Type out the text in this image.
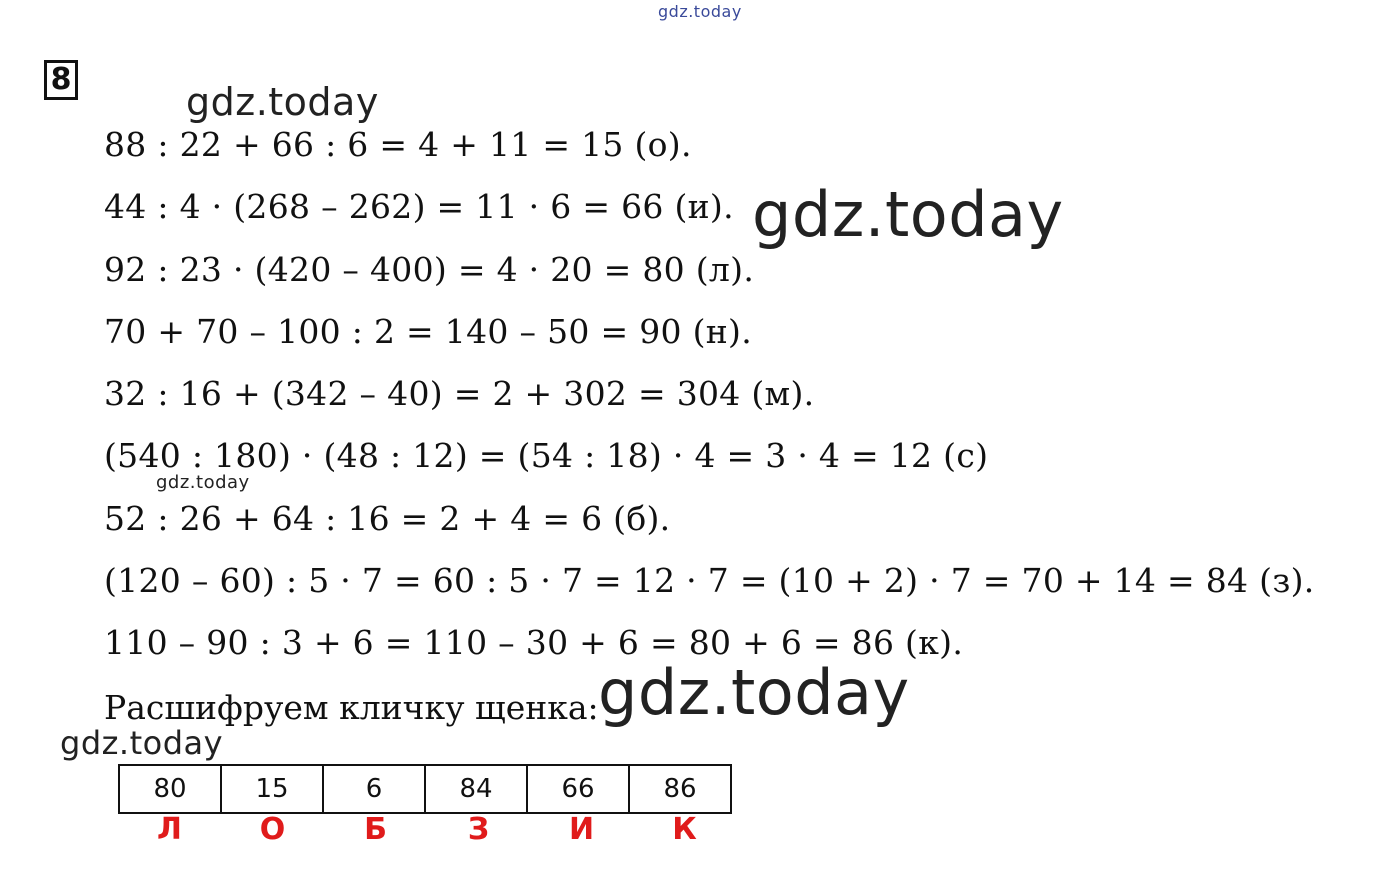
gdz.today
8
gdz.today
88 : 22 + 66 : 6 = 4 + 11 = 15 (о).
44 : 4 · (268 – 262) = 11 · 6 = 66 (и).
92 : 23 · (420 – 400) = 4 · 20 = 80 (л).
70 + 70 – 100 : 2 = 140 – 50 = 90 (н).
32 : 16 + (342 – 40) = 2 + 302 = 304 (м).
(540 : 180) · (48 : 12) = (54 : 18) · 4 = 3 · 4 = 12 (с)
52 : 26 + 64 : 16 = 2 + 4 = 6 (б).
(120 – 60) : 5 · 7 = 60 : 5 · 7 = 12 · 7 = (10 + 2) · 7 = 70 + 14 = 84 (з).
110 – 90 : 3 + 6 = 110 – 30 + 6 = 80 + 6 = 86 (к).
gdz.today
gdz.today
Расшифруем кличку щенка: gdz.today
gdz.today
80	15	6	84	66	86
Л	О	Б	З	И	К
